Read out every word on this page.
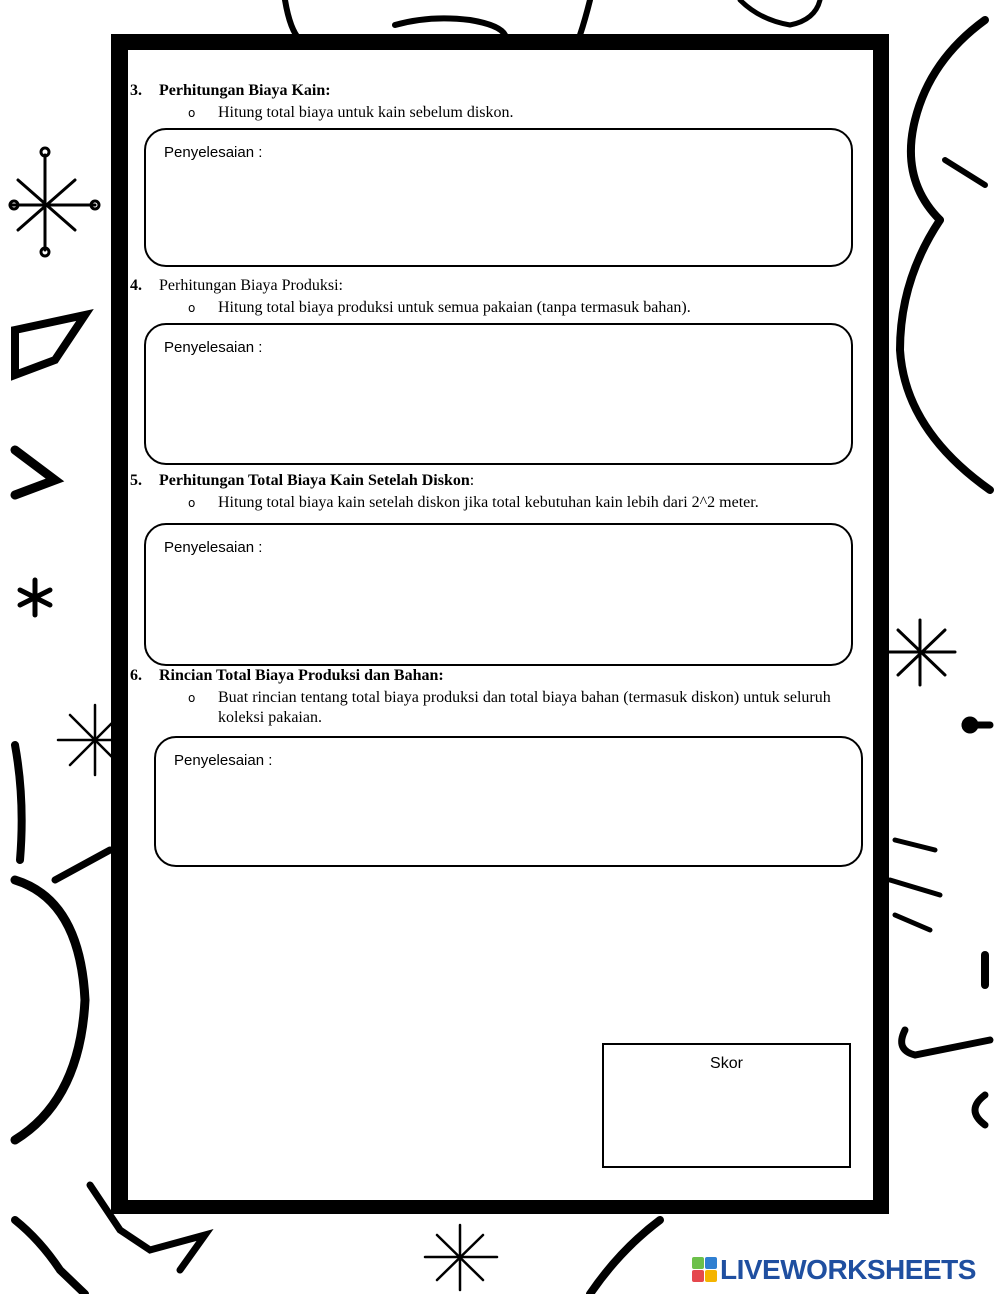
3. Perhitungan Biaya Kain:
o Hitung total biaya untuk kain sebelum diskon.
Penyelesaian :
4. Perhitungan Biaya Produksi:
o Hitung total biaya produksi untuk semua pakaian (tanpa termasuk bahan).
Penyelesaian :
5. Perhitungan Total Biaya Kain Setelah Diskon:
o Hitung total biaya kain setelah diskon jika total kebutuhan kain lebih dari 2^2 meter.
Penyelesaian :
6. Rincian Total Biaya Produksi dan Bahan:
o Buat rincian tentang total biaya produksi dan total biaya bahan (termasuk diskon) untuk seluruh koleksi pakaian.
Penyelesaian :
Skor
LIVEWORKSHEETS
